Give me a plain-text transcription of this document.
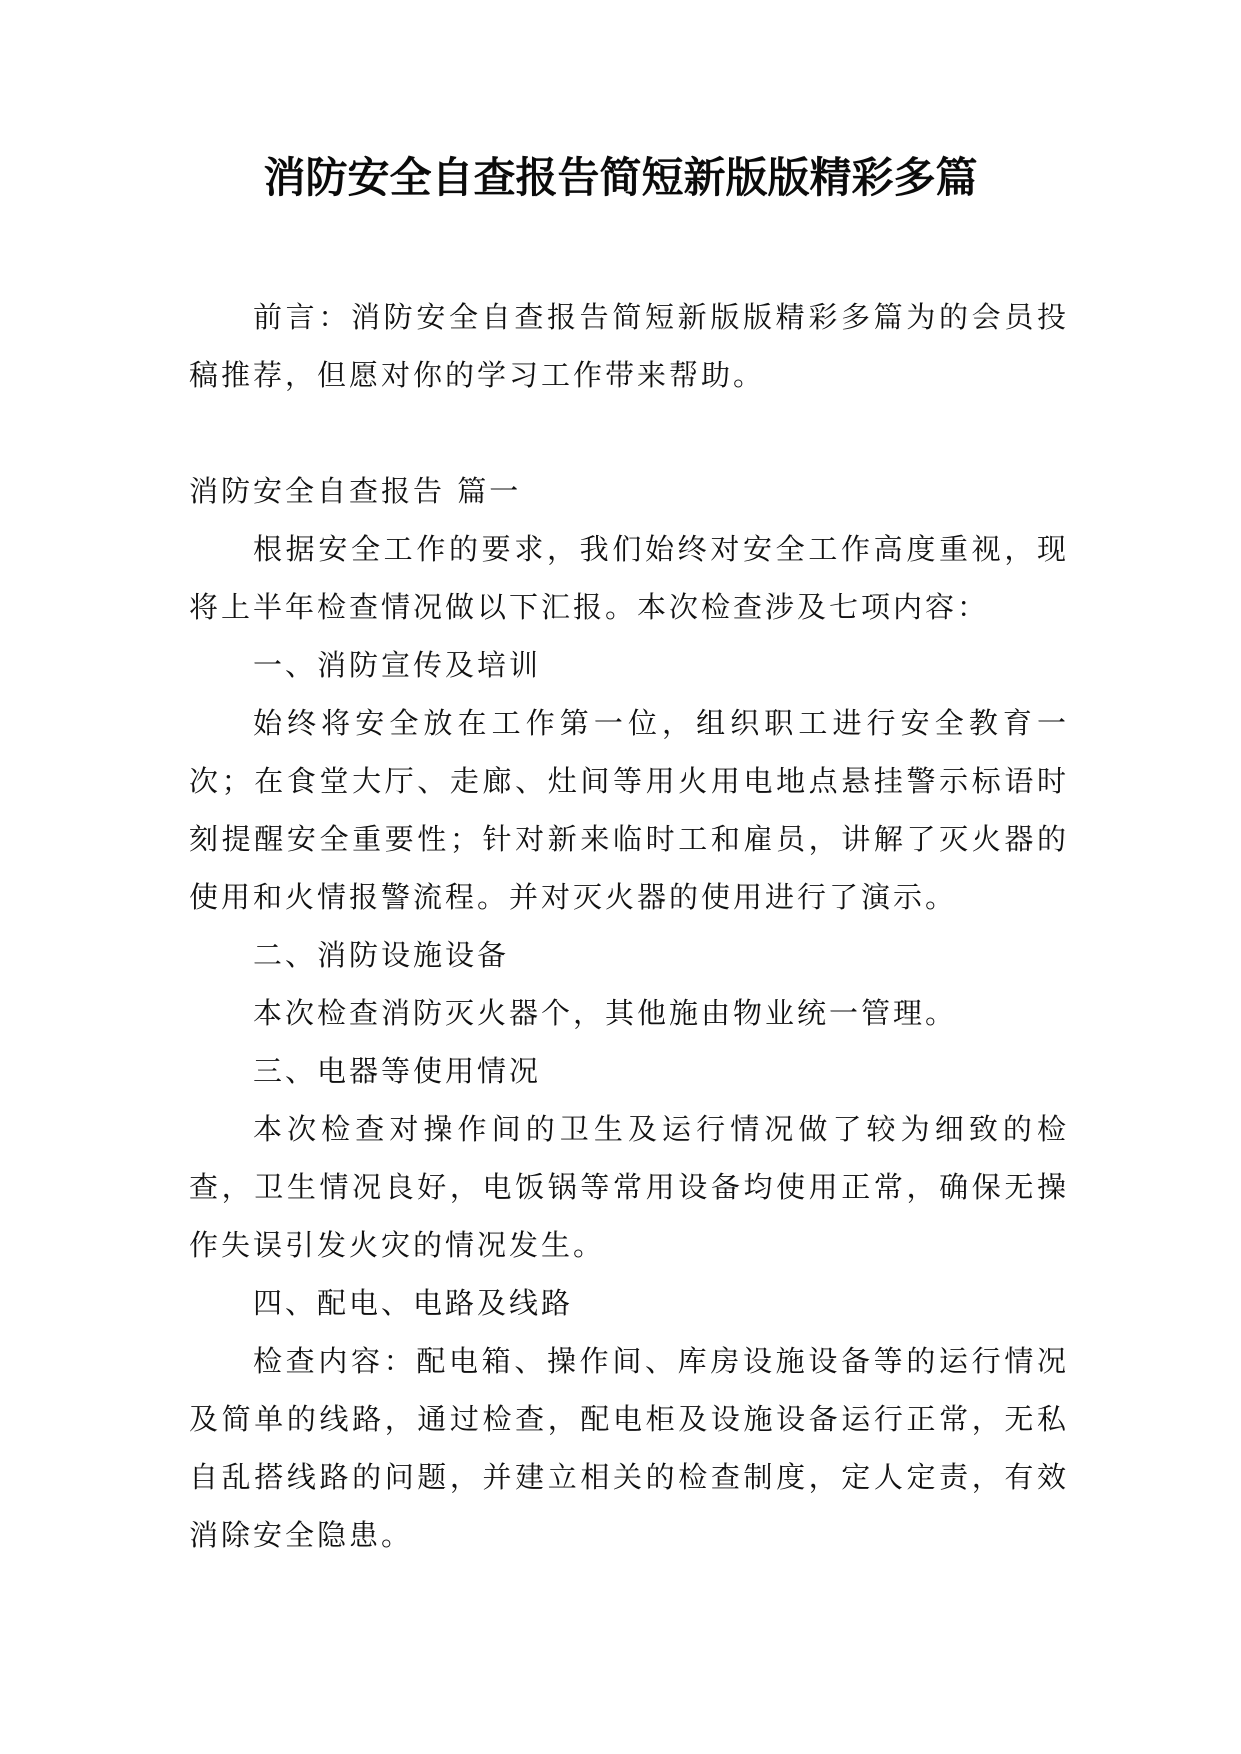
消防安全自查报告简短新版版精彩多篇

前言：消防安全自查报告简短新版版精彩多篇为的会员投稿推荐，但愿对你的学习工作带来帮助。

消防安全自查报告 篇一

根据安全工作的要求，我们始终对安全工作高度重视，现将上半年检查情况做以下汇报。本次检查涉及七项内容：

一、消防宣传及培训

始终将安全放在工作第一位，组织职工进行安全教育一次；在食堂大厅、走廊、灶间等用火用电地点悬挂警示标语时刻提醒安全重要性；针对新来临时工和雇员，讲解了灭火器的使用和火情报警流程。并对灭火器的使用进行了演示。

二、消防设施设备

本次检查消防灭火器个，其他施由物业统一管理。

三、电器等使用情况

本次检查对操作间的卫生及运行情况做了较为细致的检查，卫生情况良好，电饭锅等常用设备均使用正常，确保无操作失误引发火灾的情况发生。

四、配电、电路及线路

检查内容：配电箱、操作间、库房设施设备等的运行情况及简单的线路，通过检查，配电柜及设施设备运行正常，无私自乱搭线路的问题，并建立相关的检查制度，定人定责，有效消除安全隐患。
